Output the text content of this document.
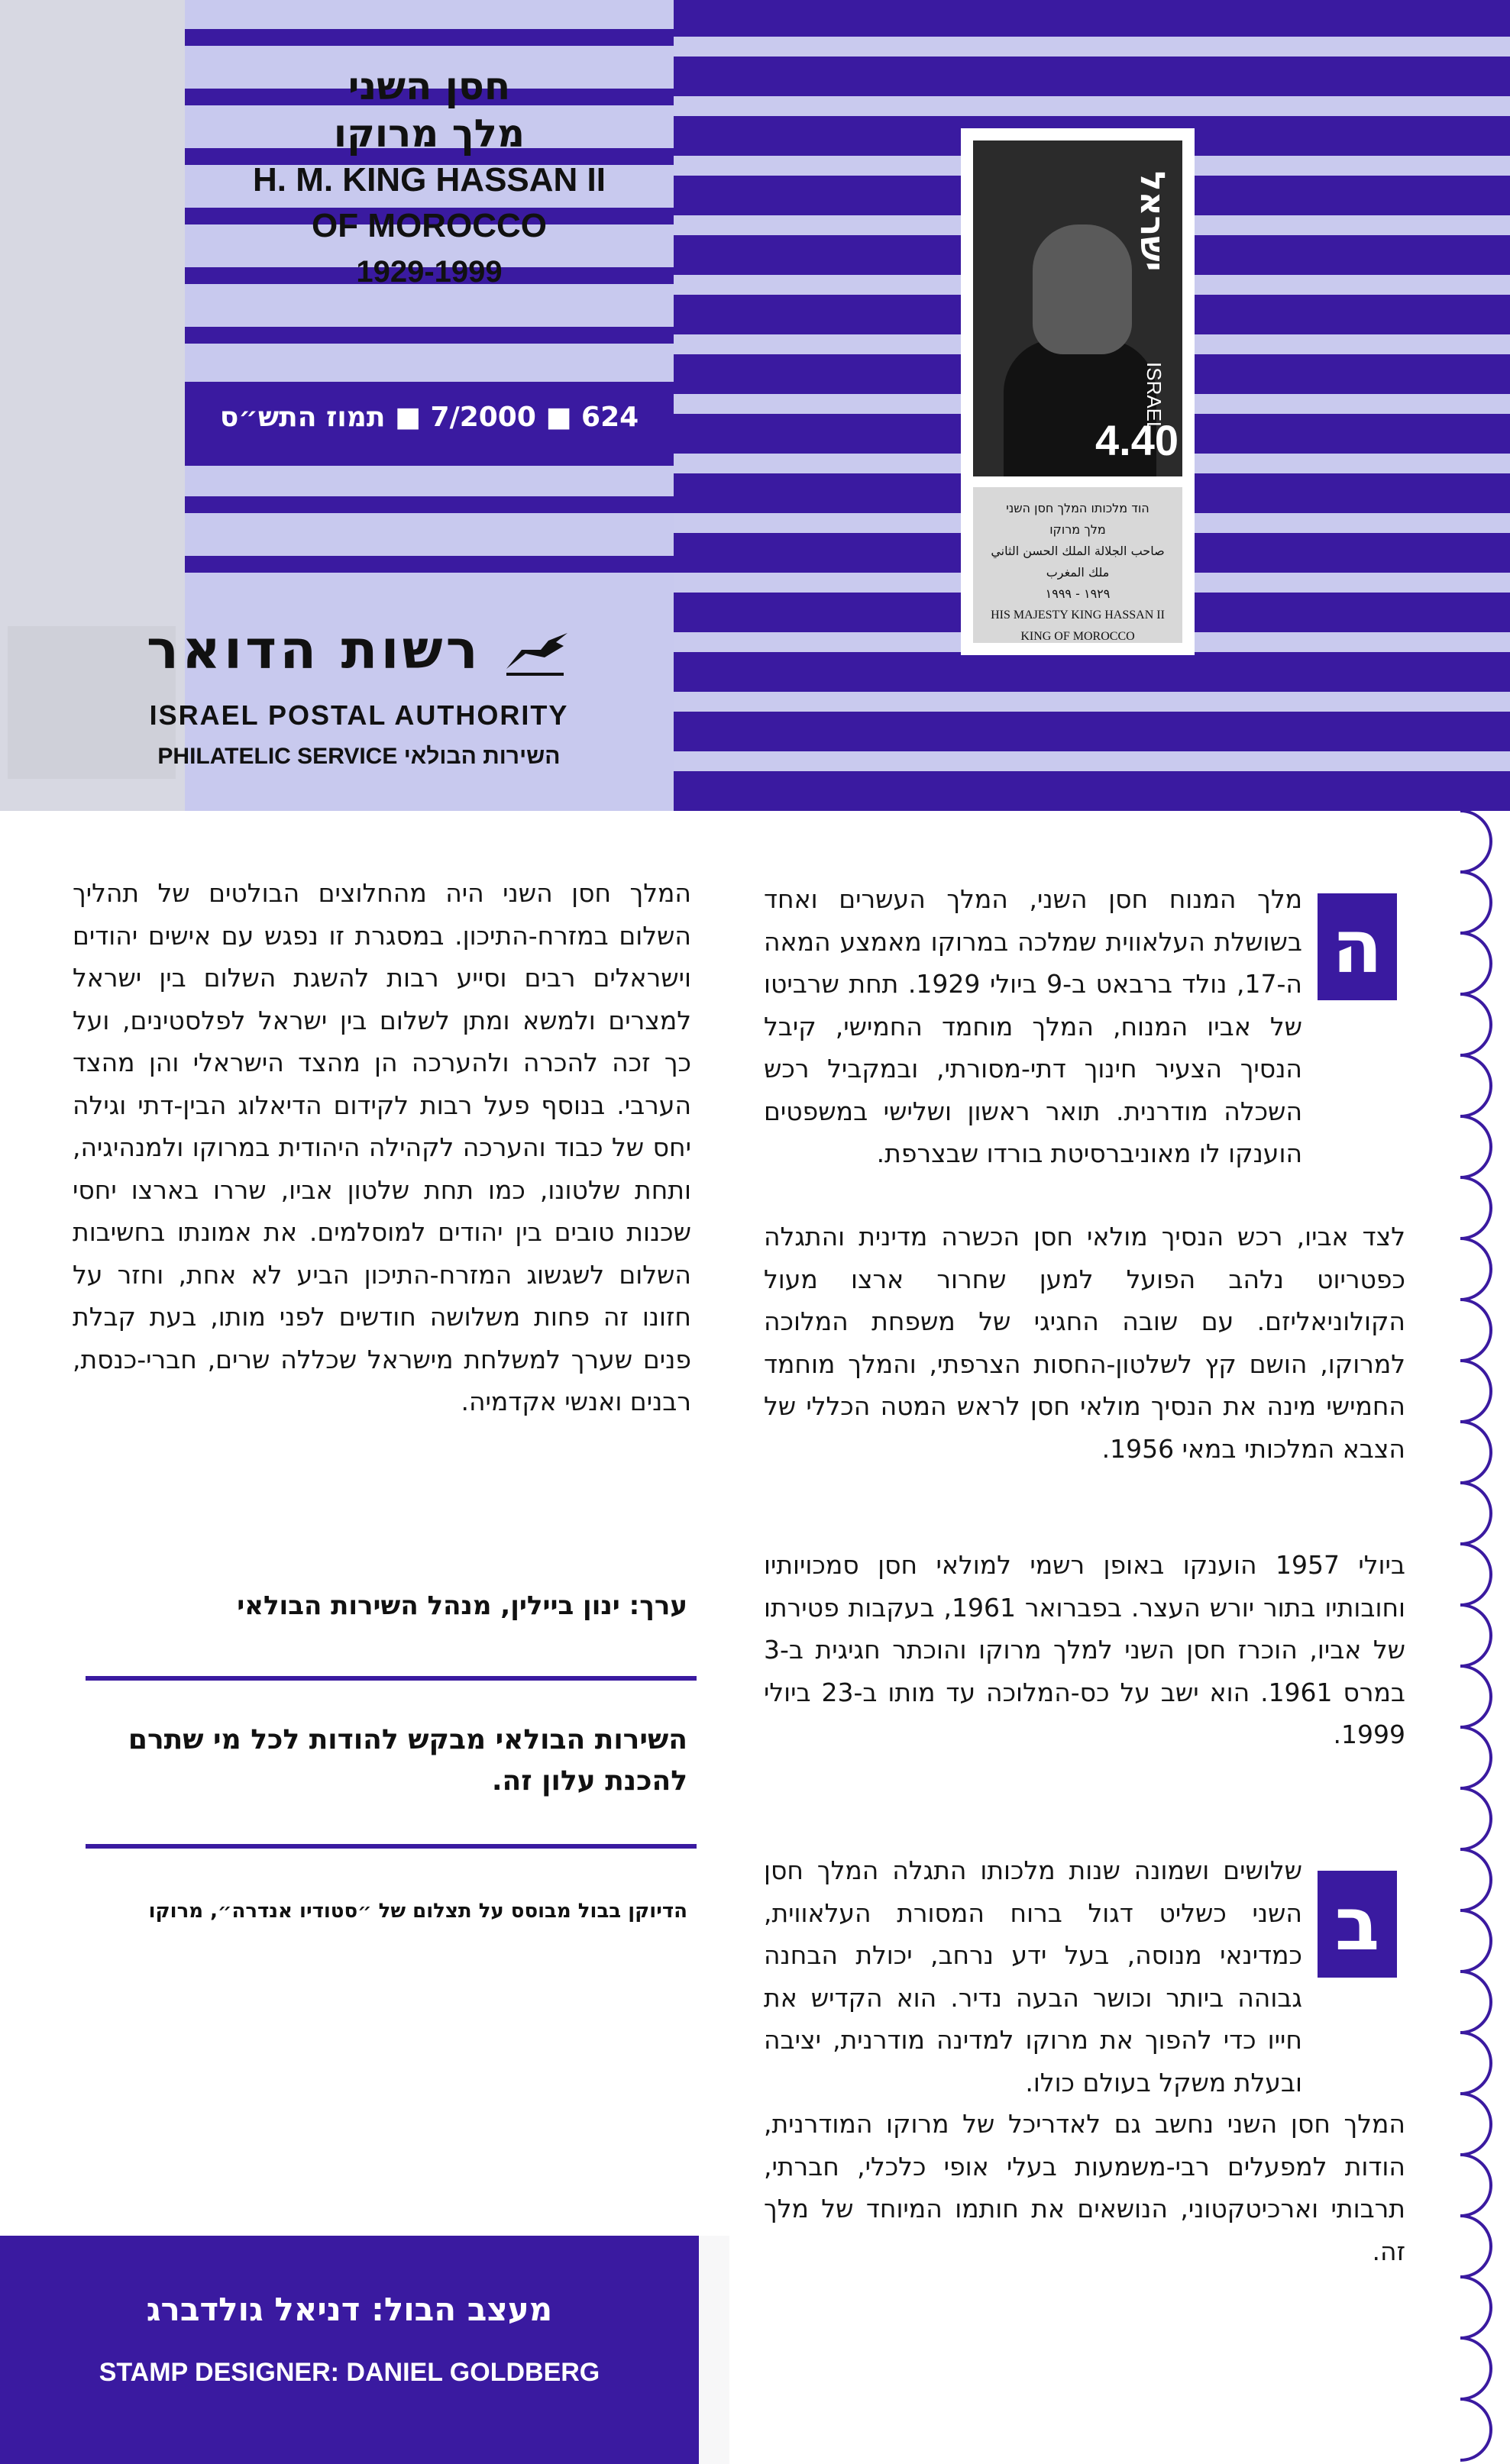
חסן השני
מלך מרוקו
H. M. KING HASSAN II
OF MOROCCO
1929-1999
624 ■ 7/2000 ■ תמוז התש״ס
ישראל
ISRAEL
4.40
הוד מלכותו המלך חסן השני
מלך מרוקו
صاحب الجلالة الملك الحسن الثاني
ملك المغرب
١٩٢٩ - ١٩٩٩
HIS MAJESTY KING HASSAN II
KING OF MOROCCO
רשות הדואר
ISRAEL POSTAL AUTHORITY
PHILATELIC SERVICE השירות הבולאי
ה
מלך המנוח חסן השני, המלך העשרים ואחד בשושלת העלאווית שמלכה במרוקו מאמצע המאה ה-17, נולד ברבאט ב-9 ביולי 1929. תחת שרביטו של אביו המנוח, המלך מוחמד החמישי, קיבל הנסיך הצעיר חינוך דתי-מסורתי, ובמקביל רכש השכלה מודרנית. תואר ראשון ושלישי במשפטים הוענקו לו מאוניברסיטת בורדו שבצרפת.
לצד אביו, רכש הנסיך מולאי חסן הכשרה מדינית והתגלה כפטריוט נלהב הפועל למען שחרור ארצו מעול הקולוניאליזם. עם שובה החגיגי של משפחת המלוכה למרוקו, הושם קץ לשלטון-החסות הצרפתי, והמלך מוחמד החמישי מינה את הנסיך מולאי חסן לראש המטה הכללי של הצבא המלכותי במאי 1956.
ביולי 1957 הוענקו באופן רשמי למולאי חסן סמכויותיו וחובותיו בתור יורש העצר. בפברואר 1961, בעקבות פטירתו של אביו, הוכרז חסן השני למלך מרוקו והוכתר חגיגית ב-3 במרס 1961. הוא ישב על כס-המלוכה עד מותו ב-23 ביולי 1999.
ב
שלושים ושמונה שנות מלכותו התגלה המלך חסן השני כשליט דגול ברוח המסורת העלאווית, כמדינאי מנוסה, בעל ידע נרחב, יכולת הבחנה גבוהה ביותר וכושר הבעה נדיר. הוא הקדיש את חייו כדי להפוך את מרוקו למדינה מודרנית, יציבה ובעלת משקל בעולם כולו.
המלך חסן השני נחשב גם לאדריכל של מרוקו המודרנית, הודות למפעלים רבי-משמעות בעלי אופי כלכלי, חברתי, תרבותי וארכיטקטוני, הנושאים את חותמו המיוחד של מלך זה.
המלך חסן השני היה מהחלוצים הבולטים של תהליך השלום במזרח-התיכון. במסגרת זו נפגש עם אישים יהודים וישראלים רבים וסייע רבות להשגת השלום בין ישראל למצרים ולמשא ומתן לשלום בין ישראל לפלסטינים, ועל כך זכה להכרה ולהערכה הן מהצד הישראלי והן מהצד הערבי. בנוסף פעל רבות לקידום הדיאלוג הבין-דתי וגילה יחס של כבוד והערכה לקהילה היהודית במרוקו ולמנהיגיה, ותחת שלטונו, כמו תחת שלטון אביו, שררו בארצו יחסי שכנות טובים בין יהודים למוסלמים. את אמונתו בחשיבות השלום לשגשוג המזרח-התיכון הביע לא אחת, וחזר על חזונו זה פחות משלושה חודשים לפני מותו, בעת קבלת פנים שערך למשלחת מישראל שכללה שרים, חברי-כנסת, רבנים ואנשי אקדמיה.
ערך: ינון ביילין, מנהל השירות הבולאי
השירות הבולאי מבקש להודות לכל מי שתרם להכנת עלון זה.
הדיוקן בבול מבוסס על תצלום של ״סטודיו אנדרה״, מרוקו
מעצב הבול: דניאל גולדברג
STAMP DESIGNER: DANIEL GOLDBERG
